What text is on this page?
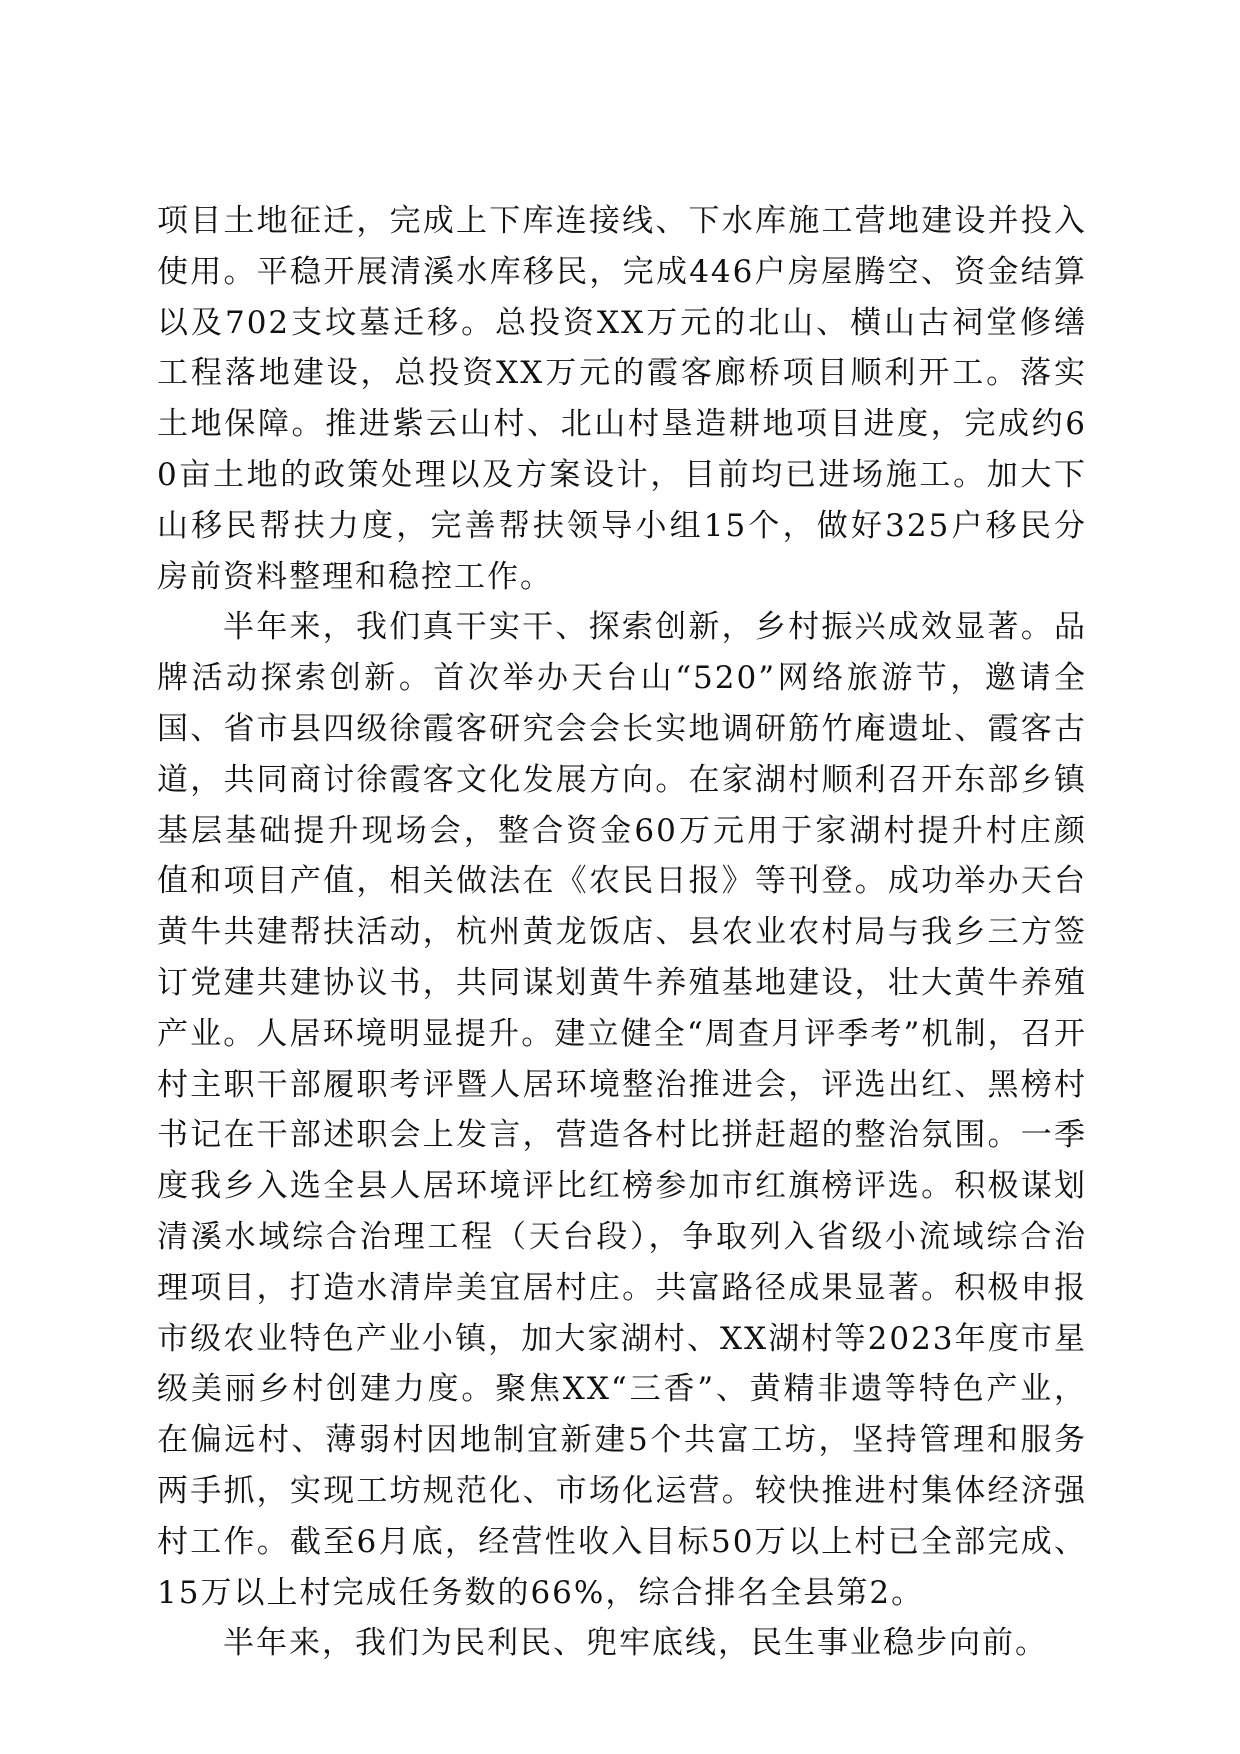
项目土地征迁，完成上下库连接线、下水库施工营地建设并投入使用。平稳开展清溪水库移民，完成446户房屋腾空、资金结算以及702支坟墓迁移。总投资XX万元的北山、横山古祠堂修缮工程落地建设，总投资XX万元的霞客廊桥项目顺利开工。落实土地保障。推进紫云山村、北山村垦造耕地项目进度，完成约60亩土地的政策处理以及方案设计，目前均已进场施工。加大下山移民帮扶力度，完善帮扶领导小组15个，做好325户移民分房前资料整理和稳控工作。

半年来，我们真干实干、探索创新，乡村振兴成效显著。品牌活动探索创新。首次举办天台山“520”网络旅游节，邀请全国、省市县四级徐霞客研究会会长实地调研筋竹庵遗址、霞客古道，共同商讨徐霞客文化发展方向。在家湖村顺利召开东部乡镇基层基础提升现场会，整合资金60万元用于家湖村提升村庄颜值和项目产值，相关做法在《农民日报》等刊登。成功举办天台黄牛共建帮扶活动，杭州黄龙饭店、县农业农村局与我乡三方签订党建共建协议书，共同谋划黄牛养殖基地建设，壮大黄牛养殖产业。人居环境明显提升。建立健全“周查月评季考”机制，召开村主职干部履职考评暨人居环境整治推进会，评选出红、黑榜村书记在干部述职会上发言，营造各村比拼赶超的整治氛围。一季度我乡入选全县人居环境评比红榜参加市红旗榜评选。积极谋划清溪水域综合治理工程（天台段），争取列入省级小流域综合治理项目，打造水清岸美宜居村庄。共富路径成果显著。积极申报市级农业特色产业小镇，加大家湖村、XX湖村等2023年度市星级美丽乡村创建力度。聚焦XX“三香”、黄精非遗等特色产业，在偏远村、薄弱村因地制宜新建5个共富工坊，坚持管理和服务两手抓，实现工坊规范化、市场化运营。较快推进村集体经济强村工作。截至6月底，经营性收入目标50万以上村已全部完成、15万以上村完成任务数的66%，综合排名全县第2。

半年来，我们为民利民、兜牢底线，民生事业稳步向前。
